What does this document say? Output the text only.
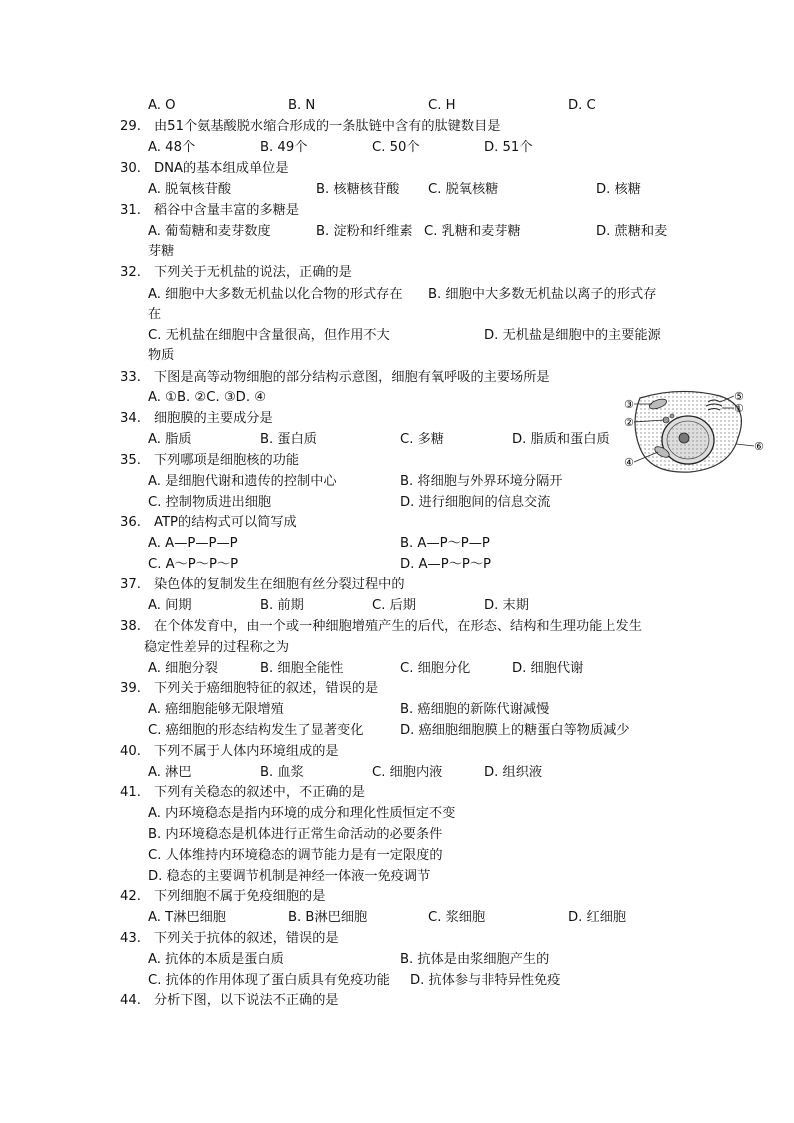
A. O	B. N	C. H	D. C
29. 由51个氨基酸脱水缩合形成的一条肽链中含有的肽键数目是
A. 48个	B. 49个	C. 50个	D. 51个
30. DNA的基本组成单位是
A. 脱氧核苷酸	B. 核糖核苷酸 C. 脱氧核糖	D. 核糖
31. 稻谷中含量丰富的多糖是
A. 葡萄糖和麦芽数度	B. 淀粉和纤维素 C. 乳糖和麦芽糖	D. 蔗糖和麦
芽糖
32. 下列关于无机盐的说法，正确的是
A. 细胞中大多数无机盐以化合物的形式存在 B. 细胞中大多数无机盐以离子的形式存
在
C. 无机盐在细胞中含量很高，但作用不大	D. 无机盐是细胞中的主要能源
物质
33. 下图是高等动物细胞的部分结构示意图，细胞有氧呼吸的主要场所是
A. ①B. ②C. ③D. ④	③
②
④
⑤
①
⑥
34. 细胞膜的主要成分是
A. 脂质	B. 蛋白质	C. 多糖	D. 脂质和蛋白质
35. 下列哪项是细胞核的功能
A. 是细胞代谢和遗传的控制中心	B. 将细胞与外界环境分隔开
C. 控制物质进出细胞	D. 进行细胞间的信息交流
36. ATP的结构式可以简写成
A. A—P—P—P	B. A—P～P—P
C. A～P～P～P	D. A—P～P～P
37. 染色体的复制发生在细胞有丝分裂过程中的
A. 间期	B. 前期	C. 后期	D. 末期
38. 在个体发育中，由一个或一种细胞增殖产生的后代，在形态、结构和生理功能上发生
稳定性差异的过程称之为
A. 细胞分裂	B. 细胞全能性	C. 细胞分化	D. 细胞代谢
39. 下列关于癌细胞特征的叙述，错误的是
A. 癌细胞能够无限增殖	B. 癌细胞的新陈代谢减慢
C. 癌细胞的形态结构发生了显著变化	D. 癌细胞细胞膜上的糖蛋白等物质减少
40. 下列不属于人体内环境组成的是
A. 淋巴	B. 血浆	C. 细胞内液	D. 组织液
41. 下列有关稳态的叙述中，不正确的是
A. 内环境稳态是指内环境的成分和理化性质恒定不变
B. 内环境稳态是机体进行正常生命活动的必要条件
C. 人体维持内环境稳态的调节能力是有一定限度的
D. 稳态的主要调节机制是神经一体液一免疫调节
42. 下列细胞不属于免疫细胞的是
A. T淋巴细胞	B. B淋巴细胞	C. 浆细胞	D. 红细胞
43. 下列关于抗体的叙述，错误的是
A. 抗体的本质是蛋白质	B. 抗体是由浆细胞产生的
C. 抗体的作用体现了蛋白质具有免疫功能 D. 抗体参与非特异性免疫
44. 分析下图，以下说法不正确的是
